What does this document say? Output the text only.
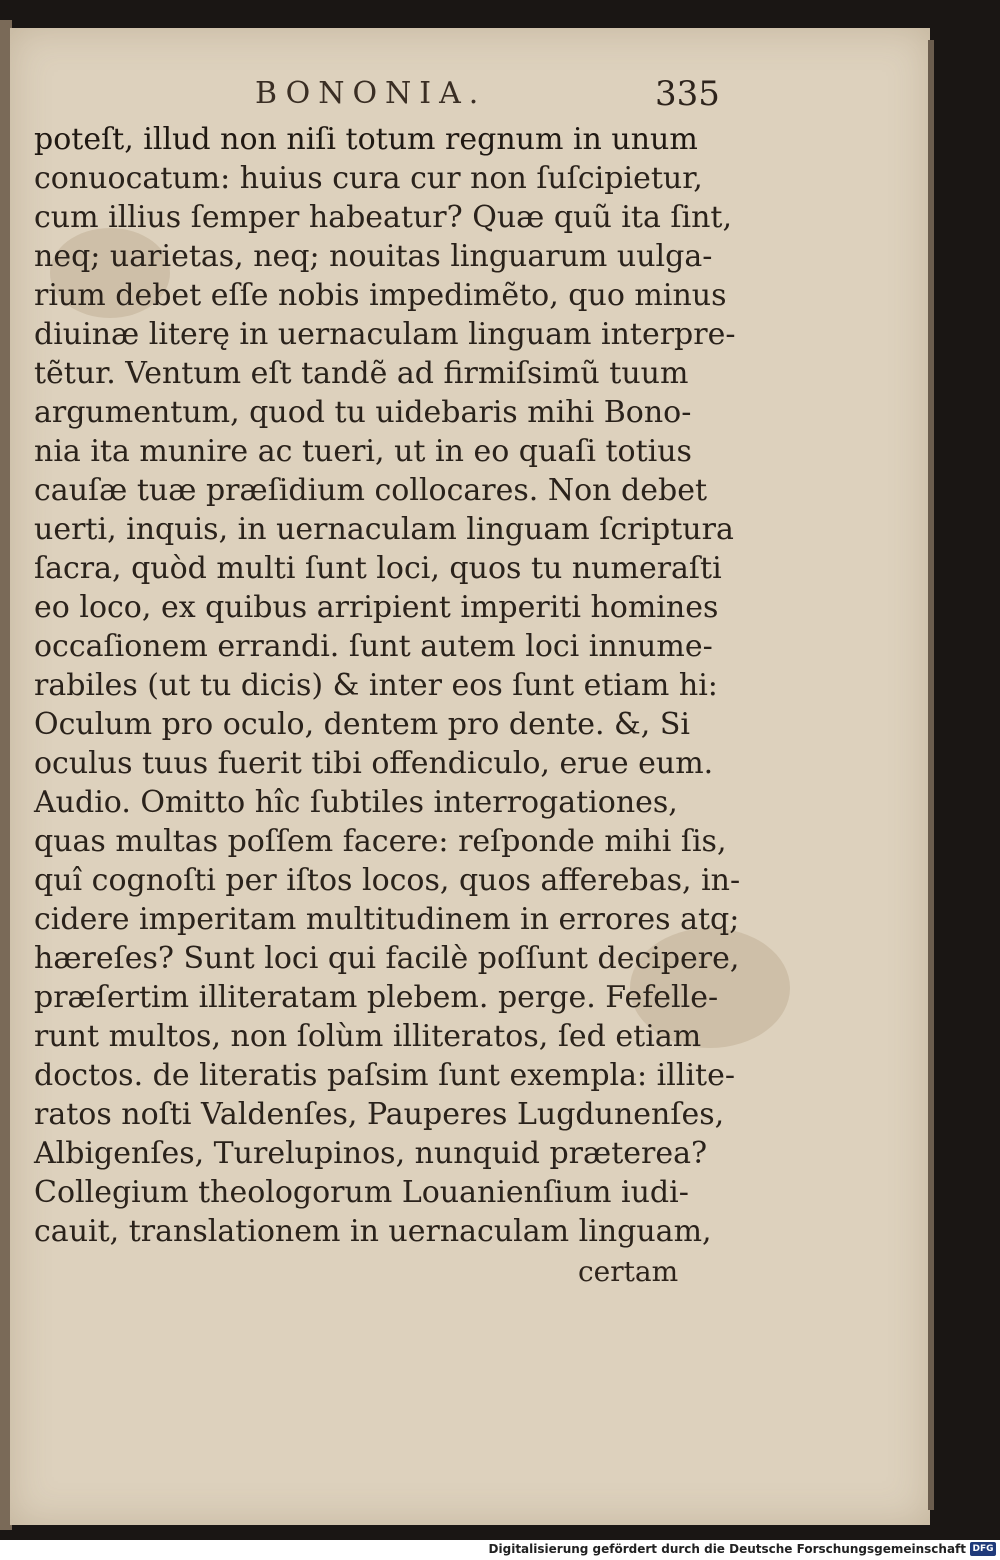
BONONIA.	335
poteſt, illud non niſi totum regnum in unum
conuocatum: huius cura cur non ſuſcipietur,
cum illius ſemper habeatur? Quæ quũ ita ſint,
neq; uarietas, neq; nouitas linguarum uulga-
rium debet eſſe nobis impedimẽto, quo minus
diuinæ literę in uernaculam linguam interpre-
tẽtur. Ventum eſt tandẽ ad firmiſsimũ tuum
argumentum, quod tu uidebaris mihi Bono-
nia ita munire ac tueri, ut in eo quaſi totius
cauſæ tuæ præſidium collocares. Non debet
uerti, inquis, in uernaculam linguam ſcriptura
ſacra, quòd multi ſunt loci, quos tu numeraſti
eo loco, ex quibus arripient imperiti homines
occaſionem errandi. ſunt autem loci innume-
rabiles (ut tu dicis) & inter eos ſunt etiam hi:
Oculum pro oculo, dentem pro dente. &, Si
oculus tuus fuerit tibi offendiculo, erue eum.
Audio. Omitto hîc ſubtiles interrogationes,
quas multas poſſem facere: reſponde mihi ſis,
quî cognoſti per iſtos locos, quos afferebas, in-
cidere imperitam multitudinem in errores atq;
hæreſes? Sunt loci qui facilè poſſunt decipere,
præſertim illiteratam plebem. perge. Fefelle-
runt multos, non ſolùm illiteratos, ſed etiam
doctos. de literatis paſsim ſunt exempla: illite-
ratos noſti Valdenſes, Pauperes Lugdunenſes,
Albigenſes, Turelupinos, nunquid præterea?
Collegium theologorum Louanienſium iudi-
cauit, translationem in uernaculam linguam,
certam
Digitalisierung gefördert durch die Deutsche Forschungsgemeinschaft DFG
